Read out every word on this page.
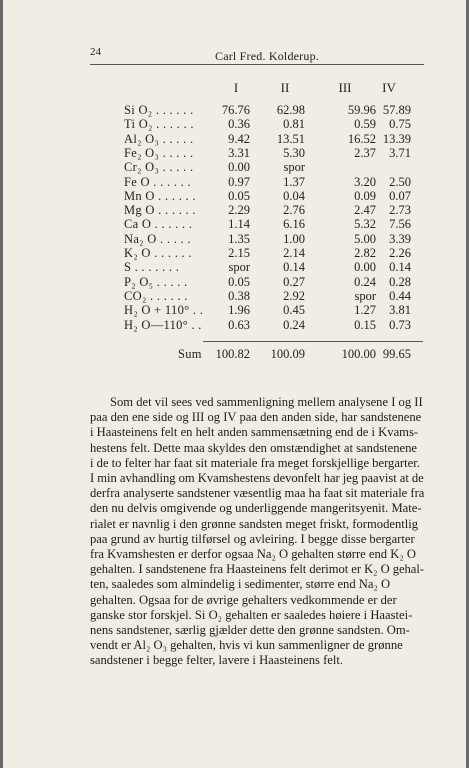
24	Carl Fred. Kolderup.
I	II	III	IV
Si O₂ . . . . . .	76.76	62.98	59.96 57.89
Ti O₂ . . . . . .	0.36	0.81	0.59	0.75
Al₂ O₃ . . . . .	9.42	13.51	16.52 13.39
Fe₂ O₃ . . . . .	3.31	5.30	2.37	3.71
Cr₂ O₃ . . . . .	0.00	spor
Fe O . . . . . .	0.97	1.37	3.20	2.50
Mn O . . . . . .	0.05	0.04	0.09	0.07
Mg O . . . . . .	2.29	2.76	2.47	2.73
Ca O . . . . . .	1.14	6.16	5.32	7.56
Na₂ O . . . . .	1.35	1.00	5.00	3.39
K₂ O . . . . . .	2.15	2.14	2.82	2.26
S . . . . . . .	spor	0.14	0.00	0.14
P₂ O₅ . . . . .	0.05	0.27	0.24	0.28
CO₂ . . . . . .	0.38	2.92	spor	0.44
H₂ O + 110° . .	1.96	0.45	1.27	3.81
H₂ O—110° . .	0.63	0.24	0.15	0.73
Sum	100.82	100.09	100.00 99.65
Som det vil sees ved sammenligning mellem analysene I og II
paa den ene side og III og IV paa den anden side, har sandstenene
i Haasteinens felt en helt anden sammensætning end de i Kvams-
hestens felt. Dette maa skyldes den omstændighet at sandstenene
i de to felter har faat sit materiale fra meget forskjellige bergarter.
I min avhandling om Kvamshestens devonfelt har jeg paavist at de
derfra analyserte sandstener væsentlig maa ha faat sit materiale fra
den nu delvis omgivende og underliggende mangeritsyenit. Mate-
rialet er navnlig i den grønne sandsten meget friskt, formodentlig
paa grund av hurtig tilførsel og avleiring. I begge disse bergarter
fra Kvamshesten er derfor ogsaa Na₂ O gehalten større end K₂ O
gehalten. I sandstenene fra Haasteinens felt derimot er K₂ O gehal-
ten, saaledes som almindelig i sedimenter, større end Na₂ O
gehalten. Ogsaa for de øvrige gehalters vedkommende er der
ganske stor forskjel. Si O₂ gehalten er saaledes høiere i Haastei-
nens sandstener, særlig gjælder dette den grønne sandsten. Om-
vendt er Al₂ O₃ gehalten, hvis vi kun sammenligner de grønne
sandstener i begge felter, lavere i Haasteinens felt.
